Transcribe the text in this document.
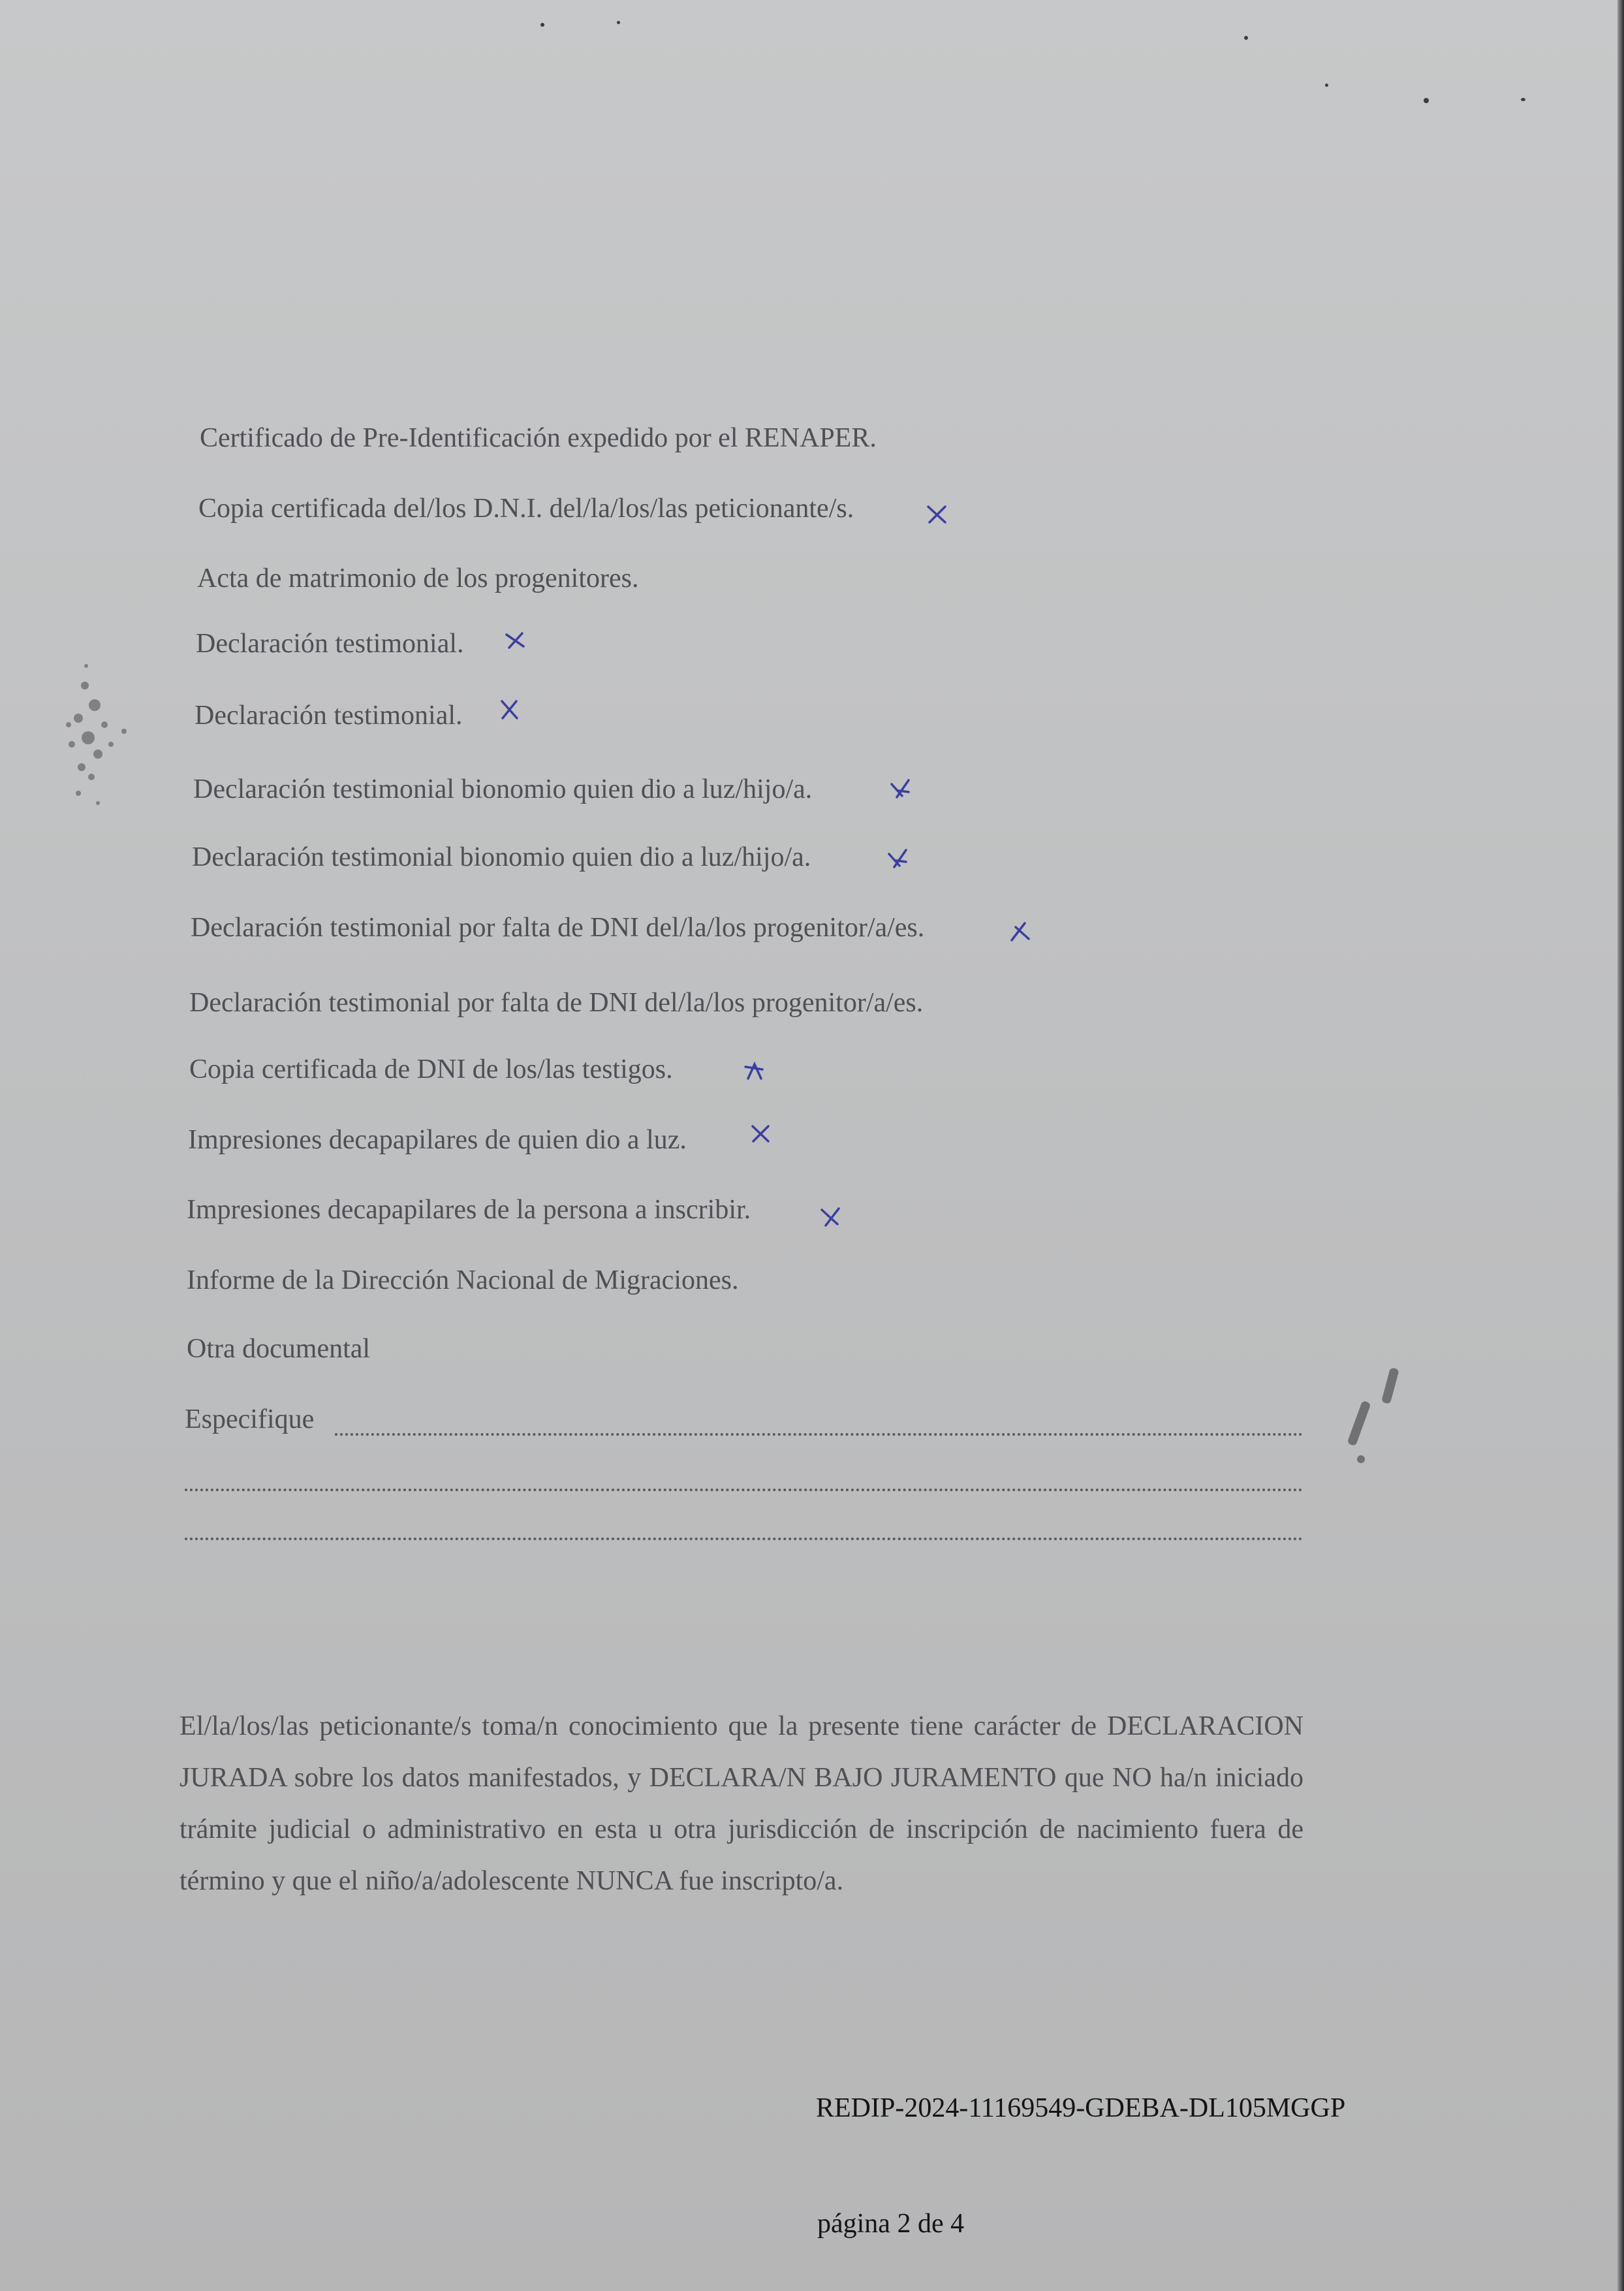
Certificado de Pre-Identificación expedido por el RENAPER.
Copia certificada del/los D.N.I. del/la/los/las peticionante/s.
Acta de matrimonio de los progenitores.
Declaración testimonial.
Declaración testimonial.
Declaración testimonial bionomio quien dio a luz/hijo/a.
Declaración testimonial bionomio quien dio a luz/hijo/a.
Declaración testimonial por falta de DNI del/la/los progenitor/a/es.
Declaración testimonial por falta de DNI del/la/los progenitor/a/es.
Copia certificada de DNI de los/las testigos.
Impresiones decapapilares de quien dio a luz.
Impresiones decapapilares de la persona a inscribir.
Informe de la Dirección Nacional de Migraciones.
Otra documental
Especifique

El/la/los/las peticionante/s toma/n conocimiento que la presente tiene carácter de DECLARACION JURADA sobre los datos manifestados, y DECLARA/N BAJO JURAMENTO que NO ha/n iniciado trámite judicial o administrativo en esta u otra jurisdicción de inscripción de nacimiento fuera de término y que el niño/a/adolescente NUNCA fue inscripto/a.

REDIP-2024-11169549-GDEBA-DL105MGGP
página 2 de 4
